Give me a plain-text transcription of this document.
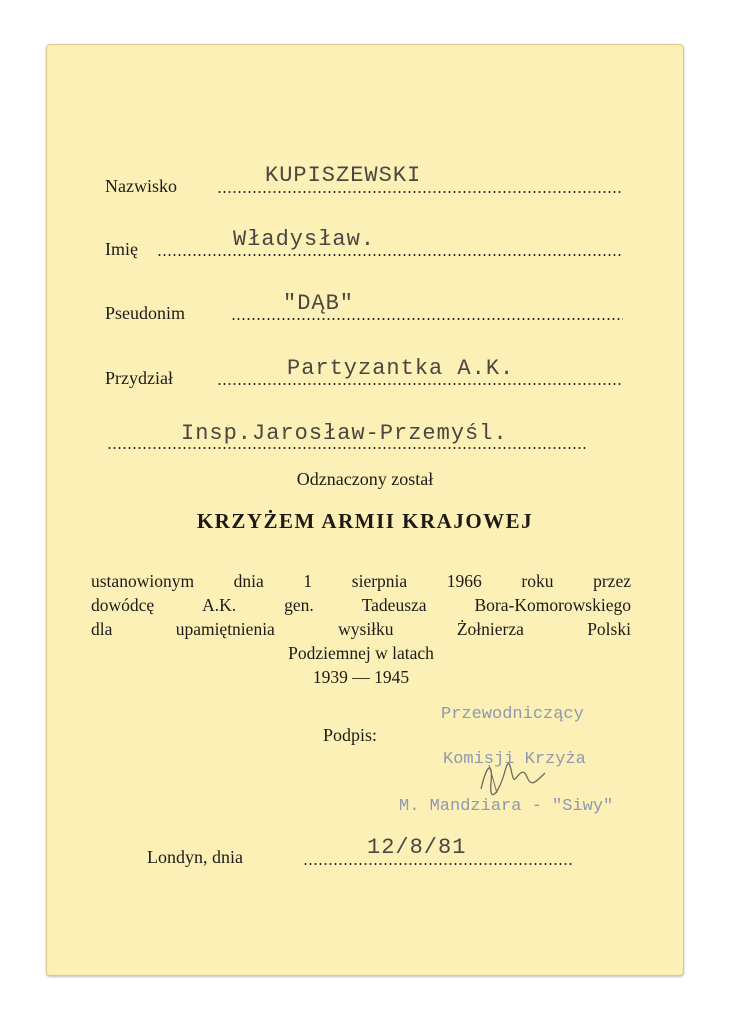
Nazwisko	KUPISZEWSKI
Imię	Władysław.
Pseudonim	"DĄB"
Przydział	Partyzantka A.K.
Insp.Jarosław-Przemyśl.
Odznaczony został
KRZYŻEM ARMII KRAJOWEJ
ustanowionym dnia 1 sierpnia 1966 roku przez
dowódcę	A.K.	gen.	Tadeusza	Bora-Komorowskiego
dla	upamiętnienia	wysiłku	Żołnierza	Polski
Podziemnej w latach
1939 — 1945
Podpis:
Przewodniczący
Komisji Krzyża
M. Mandziara - "Siwy"
Londyn, dnia	12/8/81
